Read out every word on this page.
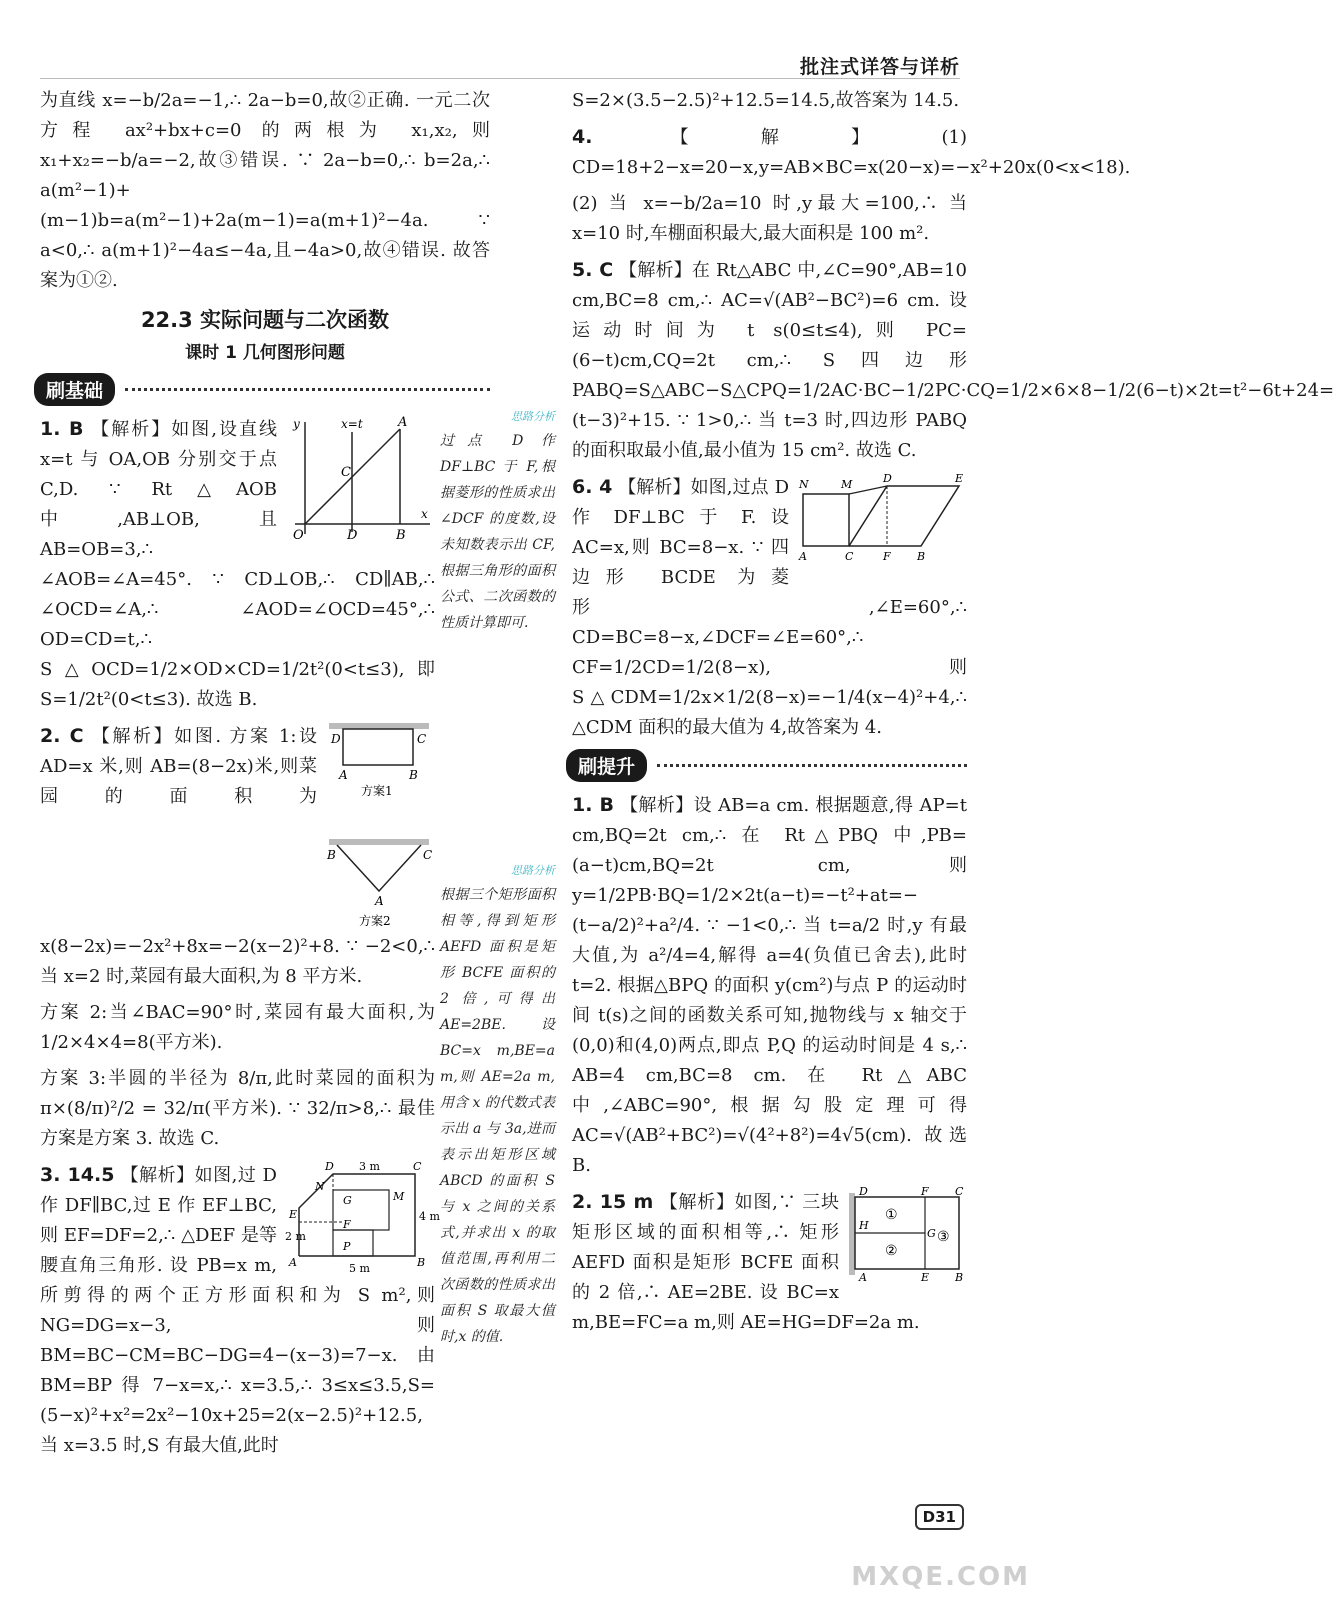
批注式详答与详析

为直线 x=−b/2a=−1,∴ 2a−b=0,故②正确. 一元二次方程 ax²+bx+c=0 的两根为 x₁,x₂,则 x₁+x₂=−b/a=−2,故③错误. ∵ 2a−b=0,∴ b=2a,∴ a(m²−1)+(m−1)b=a(m²−1)+2a(m−1)=a(m+1)²−4a. ∵ a<0,∴ a(m+1)²−4a≤−4a,且−4a>0,故④错误. 故答案为①②.

22.3 实际问题与二次函数
课时 1 几何图形问题
刷基础
x=t	A
C
D	B
O
x
y

1. B 【解析】如图,设直线 x=t 与 OA,OB 分别交于点 C,D. ∵ Rt△AOB 中,AB⊥OB,且 AB=OB=3,∴ ∠AOB=∠A=45°. ∵ CD⊥OB,∴ CD∥AB,∴ ∠OCD=∠A,∴ ∠AOD=∠OCD=45°,∴ OD=CD=t,∴ S△OCD=1/2×OD×CD=1/2t²(0<t≤3),即S=1/2t²(0<t≤3). 故选 B.

D	C
A	B
方案1
B	C
A
方案2

2. C 【解析】如图. 方案 1:设 AD=x 米,则 AB=(8−2x)米,则菜园的面积为 x(8−2x)=−2x²+8x=−2(x−2)²+8. ∵ −2<0,∴ 当 x=2 时,菜园有最大面积,为 8 平方米.

方案 2:当∠BAC=90°时,菜园有最大面积,为 1/2×4×4=8(平方米).

方案 3:半圆的半径为 8/π,此时菜园的面积为 π×(8/π)²/2 = 32/π(平方米). ∵ 32/π>8,∴ 最佳方案是方案 3. 故选 C.

3 m
4 m
2 m
5 m
D	C
N
G	M
E
F
P
A	B

3. 14.5 【解析】如图,过 D 作 DF∥BC,过 E 作 EF⊥BC,则 EF=DF=2,∴ △DEF 是等腰直角三角形. 设 PB=x m,所剪得的两个正方形面积和为 S m²,则 NG=DG=x−3,则 BM=BC−CM=BC−DG=4−(x−3)=7−x. 由 BM=BP 得 7−x=x,∴ x=3.5,∴ 3≤x≤3.5,S=(5−x)²+x²=2x²−10x+25=2(x−2.5)²+12.5,当 x=3.5 时,S 有最大值,此时

思路分析
过点 D 作 DF⊥BC 于 F,根据菱形的性质求出∠DCF 的度数,设未知数表示出 CF,根据三角形的面积公式、二次函数的性质计算即可.
思路分析
根据三个矩形面积相等,得到矩形 AEFD 面积是矩形 BCFE 面积的 2 倍,可得出 AE=2BE. 设 BC=x m,BE=a m,则 AE=2a m,用含 x 的代数式表示出 a 与 3a,进而表示出矩形区域 ABCD 的面积 S 与 x 之间的关系式,并求出 x 的取值范围,再利用二次函数的性质求出面积 S 取最大值时,x 的值.

S=2×(3.5−2.5)²+12.5=14.5,故答案为 14.5.

4.	【解】(1) CD=18+2−x=20−x,y=AB×BC=x(20−x)=−x²+20x(0<x<18).

(2) 当 x=−b/2a=10 时,y最大=100,∴ 当 x=10 时,车棚面积最大,最大面积是 100 m².

5. C 【解析】在 Rt△ABC 中,∠C=90°,AB=10 cm,BC=8 cm,∴ AC=√(AB²−BC²)=6 cm. 设运动时间为 t s(0≤t≤4),则 PC=(6−t)cm,CQ=2t cm,∴ S四边形PABQ=S△ABC−S△CPQ=1/2AC·BC−1/2PC·CQ=1/2×6×8−1/2(6−t)×2t=t²−6t+24=(t−3)²+15. ∵ 1>0,∴ 当 t=3 时,四边形 PABQ 的面积取最小值,最小值为 15 cm². 故选 C.

N	M	D	E
A	C	F B

6. 4 【解析】如图,过点 D 作 DF⊥BC 于 F. 设 AC=x,则 BC=8−x. ∵ 四边形 BCDE 为菱形,∠E=60°,∴ CD=BC=8−x,∠DCF=∠E=60°,∴ CF=1/2CD=1/2(8−x),则 S△CDM=1/2x×1/2(8−x)=−1/4(x−4)²+4,∴ △CDM 面积的最大值为 4,故答案为 4.

刷提升

1. B 【解析】设 AB=a cm. 根据题意,得 AP=t cm,BQ=2t cm,∴ 在 Rt△PBQ 中,PB=(a−t)cm,BQ=2t cm,则 y=1/2PB·BQ=1/2×2t(a−t)=−t²+at=−(t−a/2)²+a²/4. ∵ −1<0,∴ 当 t=a/2 时,y 有最大值,为 a²/4=4,解得 a=4(负值已舍去),此时 t=2. 根据△BPQ 的面积 y(cm²)与点 P 的运动时间 t(s)之间的函数关系可知,抛物线与 x 轴交于(0,0)和(4,0)两点,即点 P,Q 的运动时间是 4 s,∴ AB=4 cm,BC=8 cm. 在 Rt△ABC 中,∠ABC=90°,根据勾股定理可得 AC=√(AB²+BC²)=√(4²+8²)=4√5(cm). 故选 B.

D	F C
H
G
A	E B
①
②
③

2. 15 m 【解析】如图,∵ 三块矩形区域的面积相等,∴ 矩形 AEFD 面积是矩形 BCFE 面积的 2 倍,∴ AE=2BE. 设 BC=x m,BE=FC=a m,则 AE=HG=DF=2a m.

D31
MXQE.COM
